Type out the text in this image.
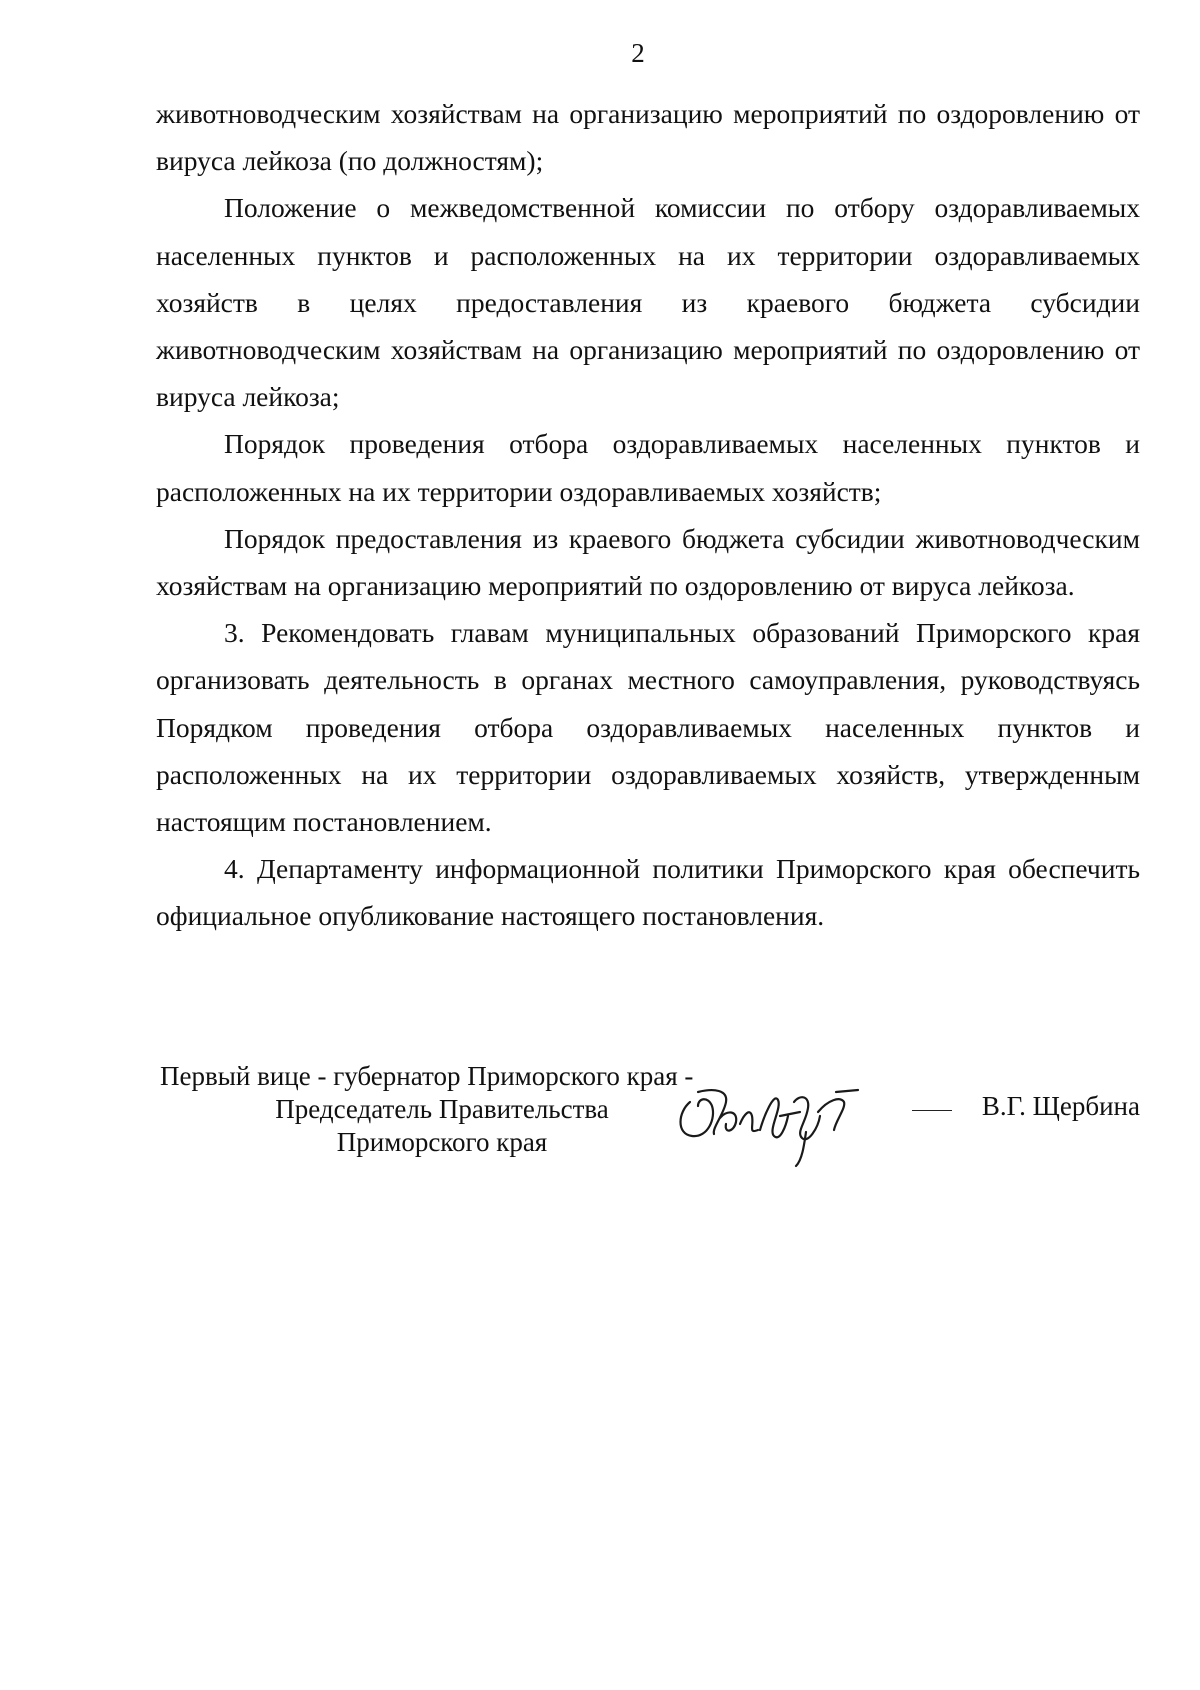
2

животноводческим хозяйствам на организацию мероприятий по оздоровлению от вируса лейкоза (по должностям);

Положение о межведомственной комиссии по отбору оздоравливаемых населенных пунктов и расположенных на их территории оздоравливаемых хозяйств в целях предоставления из краевого бюджета субсидии животноводческим хозяйствам на организацию мероприятий по оздоровлению от вируса лейкоза;

Порядок проведения отбора оздоравливаемых населенных пунктов и расположенных на их территории оздоравливаемых хозяйств;

Порядок предоставления из краевого бюджета субсидии животноводческим хозяйствам на организацию мероприятий по оздоровлению от вируса лейкоза.

3. Рекомендовать главам муниципальных образований Приморского края организовать деятельность в органах местного самоуправления, руководствуясь Порядком проведения отбора оздоравливаемых населенных пунктов и расположенных на их территории оздоравливаемых хозяйств, утвержденным настоящим постановлением.

4. Департаменту информационной политики Приморского края обеспечить официальное опубликование настоящего постановления.

Первый вице - губернатор Приморского края -
Председатель Правительства
Приморского края
В.Г. Щербина
